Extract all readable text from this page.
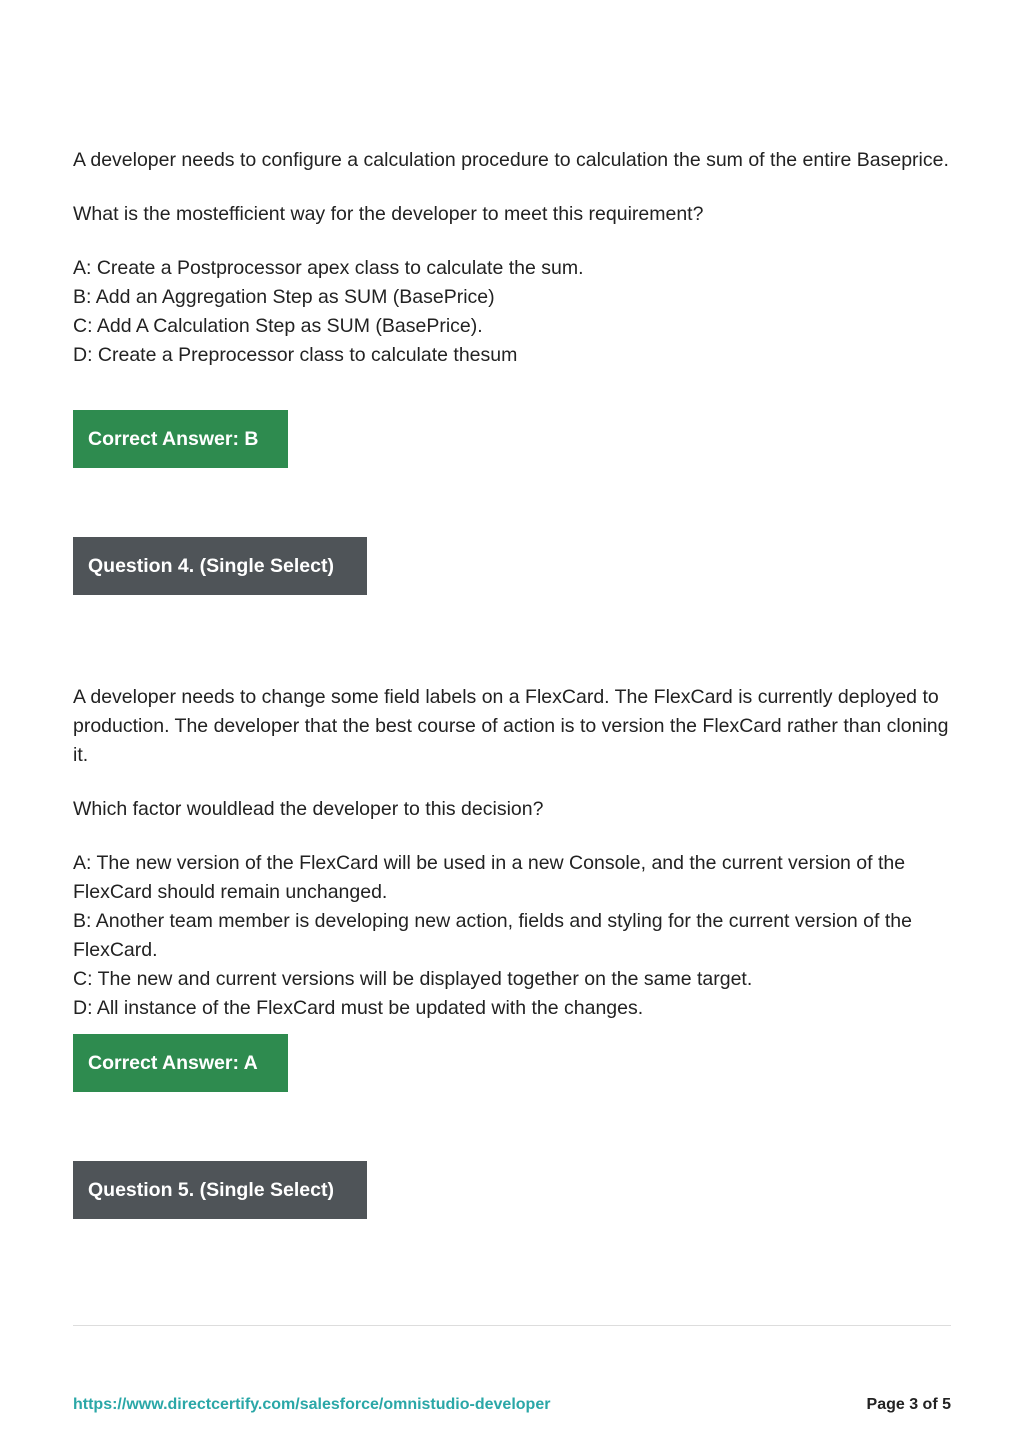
A developer needs to configure a calculation procedure to calculation the sum of the entire Baseprice.

What is the mostefficient way for the developer to meet this requirement?

A: Create a Postprocessor apex class to calculate the sum.

B: Add an Aggregation Step as SUM (BasePrice)

C: Add A Calculation Step as SUM (BasePrice).

D: Create a Preprocessor class to calculate thesum

Correct Answer: B
Question 4. (Single Select)

A developer needs to change some field labels on a FlexCard. The FlexCard is currently deployed to production. The developer that the best course of action is to version the FlexCard rather than cloning it.

Which factor wouldlead the developer to this decision?

A: The new version of the FlexCard will be used in a new Console, and the current version of the FlexCard should remain unchanged.

B: Another team member is developing new action, fields and styling for the current version of the FlexCard.

C: The new and current versions will be displayed together on the same target.

D: All instance of the FlexCard must be updated with the changes.

Correct Answer: A
Question 5. (Single Select)
https://www.directcertify.com/salesforce/omnistudio-developer	Page 3 of 5
